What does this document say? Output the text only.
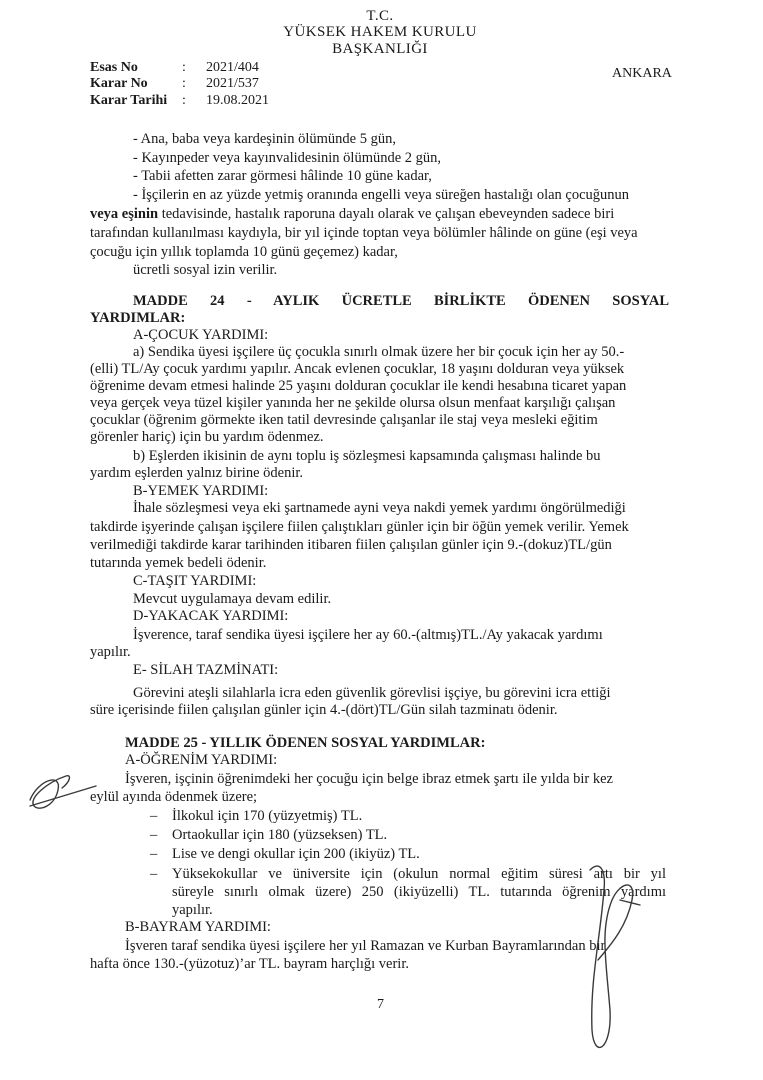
T.C.
YÜKSEK HAKEM KURULU
BAŞKANLIĞI
ANKARA
Esas No	: 2021/404
Karar No : 2021/537
Karar Tarihi : 19.08.2021
- Ana, baba veya kardeşinin ölümünde 5 gün,
- Kayınpeder veya kayınvalidesinin ölümünde 2 gün,
- Tabii afetten zarar görmesi hâlinde 10 güne kadar,
- İşçilerin en az yüzde yetmiş oranında engelli veya süreğen hastalığı olan çocuğunun
veya eşinin tedavisinde, hastalık raporuna dayalı olarak ve çalışan ebeveynden sadece biri
tarafından kullanılması kaydıyla, bir yıl içinde toptan veya bölümler hâlinde on güne (eşi veya
çocuğu için yıllık toplamda 10 günü geçemez) kadar,
ücretli sosyal izin verilir.
MADDE 24 - AYLIK ÜCRETLE BİRLİKTE ÖDENEN SOSYAL
YARDIMLAR:
A-ÇOCUK YARDIMI:
a) Sendika üyesi işçilere üç çocukla sınırlı olmak üzere her bir çocuk için her ay 50.-
(elli) TL/Ay çocuk yardımı yapılır. Ancak evlenen çocuklar, 18 yaşını dolduran veya yüksek
öğrenime devam etmesi halinde 25 yaşını dolduran çocuklar ile kendi hesabına ticaret yapan
veya gerçek veya tüzel kişiler yanında her ne şekilde olursa olsun menfaat karşılığı çalışan
çocuklar (öğrenim görmekte iken tatil devresinde çalışanlar ile staj veya mesleki eğitim
görenler hariç) için bu yardım ödenmez.
b) Eşlerden ikisinin de aynı toplu iş sözleşmesi kapsamında çalışması halinde bu
yardım eşlerden yalnız birine ödenir.
B-YEMEK YARDIMI:
İhale sözleşmesi veya eki şartnamede ayni veya nakdi yemek yardımı öngörülmediği
takdirde işyerinde çalışan işçilere fiilen çalıştıkları günler için bir öğün yemek verilir. Yemek
verilmediği takdirde karar tarihinden itibaren fiilen çalışılan günler için 9.-(dokuz)TL/gün
tutarında yemek bedeli ödenir.
C-TAŞIT YARDIMI:
Mevcut uygulamaya devam edilir.
D-YAKACAK YARDIMI:
İşverence, taraf sendika üyesi işçilere her ay 60.-(altmış)TL./Ay yakacak yardımı
yapılır.
E- SİLAH TAZMİNATI:
Görevini ateşli silahlarla icra eden güvenlik görevlisi işçiye, bu görevini icra ettiği
süre içerisinde fiilen çalışılan günler için 4.-(dört)TL/Gün silah tazminatı ödenir.
MADDE 25 - YILLIK ÖDENEN SOSYAL YARDIMLAR:
A-ÖĞRENİM YARDIMI:
İşveren, işçinin öğrenimdeki her çocuğu için belge ibraz etmek şartı ile yılda bir kez
eylül ayında ödenmek üzere;
– İlkokul için 170 (yüzyetmiş) TL.
– Ortaokullar için 180 (yüzseksen) TL.
– Lise ve dengi okullar için 200 (ikiyüz) TL.
– Yüksekokullar ve üniversite için (okulun normal eğitim süresi artı bir yıl
süreyle sınırlı olmak üzere) 250 (ikiyüzelli) TL. tutarında öğrenim yardımı
yapılır.
B-BAYRAM YARDIMI:
İşveren taraf sendika üyesi işçilere her yıl Ramazan ve Kurban Bayramlarından bir
hafta önce 130.-(yüzotuz)’ar TL. bayram harçlığı verir.
7
